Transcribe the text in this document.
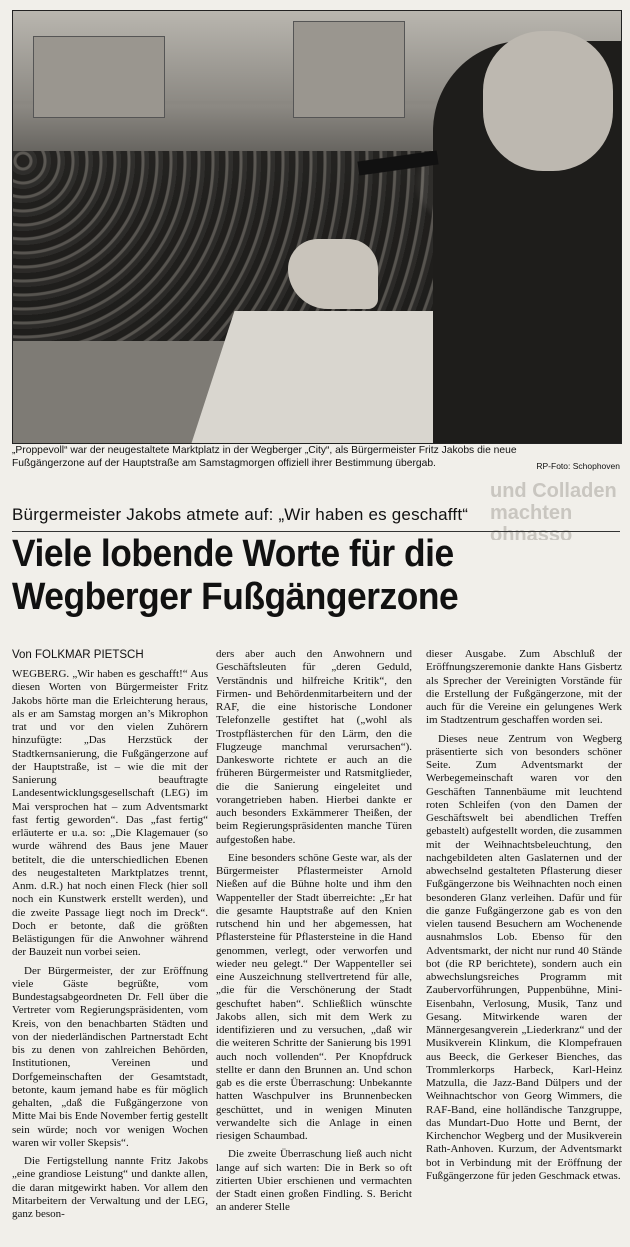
„Proppevoll“ war der neugestaltete Marktplatz in der Wegberger „City“, als Bürgermeister Fritz Jakobs die neue
Fußgängerzone auf der Hauptstraße am Samstagmorgen offiziell ihrer Bestimmung übergab.	RP-Foto: Schophoven
und Colladen machten ohnasso
Bürgermeister Jakobs atmete auf: „Wir haben es geschafft“
Viele lobende Worte für die
Wegberger Fußgängerzone
Von FOLKMAR PIETSCH

WEGBERG. „Wir haben es geschafft!“ Aus diesen Worten von Bürgermeister Fritz Jakobs hörte man die Erleichterung heraus, als er am Samstag morgen an’s Mikrophon trat und vor den vielen Zuhörern hinzufügte: „Das Herzstück der Stadtkernsanierung, die Fußgängerzone auf der Hauptstraße, ist – wie die mit der Sanierung beauftragte Landesentwicklungsgesellschaft (LEG) im Mai versprochen hat – zum Adventsmarkt fast fertig geworden“. Das „fast fertig“ erläuterte er u.a. so: „Die Klagemauer (so wurde während des Baus jene Mauer betitelt, die die unterschiedlichen Ebenen des neugestalteten Marktplatzes trennt, Anm. d.R.) hat noch einen Fleck (hier soll noch ein Kunstwerk erstellt werden), und die zweite Passage liegt noch im Dreck“. Doch er betonte, daß die größten Belästigungen für die Anwohner während der Bauzeit nun vorbei seien.

Der Bürgermeister, der zur Eröffnung viele Gäste begrüßte, vom Bundestagsabgeordneten Dr. Fell über die Vertreter vom Regierungspräsidenten, vom Kreis, von den benachbarten Städten und von der niederländischen Partnerstadt Echt bis zu denen von zahlreichen Behörden, Institutionen, Vereinen und Dorfgemeinschaften der Gesamtstadt, betonte, kaum jemand habe es für möglich gehalten, „daß die Fußgängerzone von Mitte Mai bis Ende November fertig gestellt sein würde; noch vor wenigen Wochen waren wir voller Skepsis“.

Die Fertigstellung nannte Fritz Jakobs „eine grandiose Leistung“ und dankte allen, die daran mitgewirkt haben. Vor allem den Mitarbeitern der Verwaltung und der LEG, ganz beson-

ders aber auch den Anwohnern und Geschäftsleuten für „deren Geduld, Verständnis und hilfreiche Kritik“, den Firmen- und Behördenmitarbeitern und der RAF, die eine historische Londoner Telefonzelle gestiftet hat („wohl als Trostpflästerchen für den Lärm, den die Flugzeuge manchmal verursachen“). Dankesworte richtete er auch an die früheren Bürgermeister und Ratsmitglieder, die die Sanierung eingeleitet und vorangetrieben haben. Hierbei dankte er auch besonders Exkämmerer Theißen, der beim Regierungspräsidenten manche Türen aufgestoßen habe.

Eine besonders schöne Geste war, als der Bürgermeister Pflastermeister Arnold Nießen auf die Bühne holte und ihm den Wappenteller der Stadt überreichte: „Er hat die gesamte Hauptstraße auf den Knien rutschend hin und her abgemessen, hat Pflastersteine für Pflastersteine in die Hand genommen, verlegt, oder verworfen und wieder neu gelegt.“ Der Wappenteller sei eine Auszeichnung stellvertretend für alle, „die für die Verschönerung der Stadt geschuftet haben“. Schließlich wünschte Jakobs allen, sich mit dem Werk zu identifizieren und zu versuchen, „daß wir die weiteren Schritte der Sanierung bis 1991 auch noch vollenden“. Per Knopfdruck stellte er dann den Brunnen an. Und schon gab es die erste Überraschung: Unbekannte hatten Waschpulver ins Brunnenbecken geschüttet, und in wenigen Minuten verwandelte sich die Anlage in einen riesigen Schaumbad.

Die zweite Überraschung ließ auch nicht lange auf sich warten: Die in Berk so oft zitierten Ubier erschienen und vermachten der Stadt einen großen Findling. S. Bericht an anderer Stelle

dieser Ausgabe. Zum Abschluß der Eröffnungszeremonie dankte Hans Gisbertz als Sprecher der Vereinigten Vorstände für die Erstellung der Fußgängerzone, mit der auch für die Vereine ein gelungenes Werk im Stadtzentrum geschaffen worden sei.

Dieses neue Zentrum von Wegberg präsentierte sich von besonders schöner Seite. Zum Adventsmarkt der Werbegemeinschaft waren vor den Geschäften Tannenbäume mit leuchtend roten Schleifen (von den Damen der Geschäftswelt bei abendlichen Treffen gebastelt) aufgestellt worden, die zusammen mit der Weihnachtsbeleuchtung, den nachgebildeten alten Gaslaternen und der abwechselnd gestalteten Pflasterung dieser Fußgängerzone bis Weihnachten noch einen besonderen Glanz verleihen. Dafür und für die ganze Fußgängerzone gab es von den vielen tausend Besuchern am Wochenende ausnahmslos Lob. Ebenso für den Adventsmarkt, der nicht nur rund 40 Stände bot (die RP berichtete), sondern auch ein abwechslungsreiches Programm mit Zaubervorführungen, Puppenbühne, Mini-Eisenbahn, Verlosung, Musik, Tanz und Gesang. Mitwirkende waren der Männergesangverein „Liederkranz“ und der Musikverein Klinkum, die Klompefrauen aus Beeck, die Gerkeser Bienches, das Trommlerkorps Harbeck, Karl-Heinz Matzulla, die Jazz-Band Dülpers und der Weihnachtschor von Georg Wimmers, die RAF-Band, eine holländische Tanzgruppe, das Mundart-Duo Hotte und Bernt, der Kirchenchor Wegberg und der Musikverein Rath-Anhoven. Kurzum, der Adventsmarkt bot in Verbindung mit der Eröffnung der Fußgängerzone für jeden Geschmack etwas.
